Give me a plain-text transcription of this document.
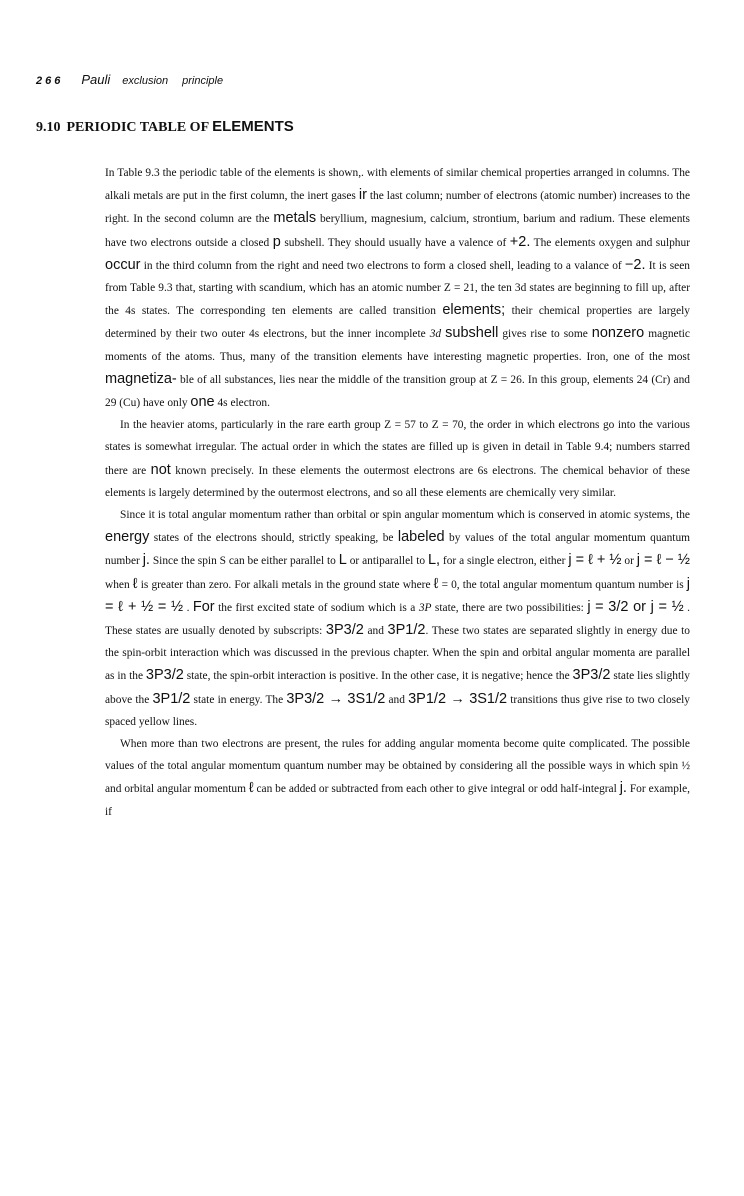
266 Pauli exclusion principle
9.10 PERIODIC TABLE OF ELEMENTS

In Table 9.3 the periodic table of the elements is shown,. with elements of similar chemical properties arranged in columns. The alkali metals are put in the first column, the inert gases ir the last column; number of electrons (atomic number) increases to the right. In the second column are the metals beryllium, magnesium, calcium, strontium, barium and radium. These elements have two electrons outside a closed p subshell. They should usually have a valence of +2. The elements oxygen and sulphur occur in the third column from the right and need two electrons to form a closed shell, leading to a valance of −2. It is seen from Table 9.3 that, starting with scandium, which has an atomic number Z = 21, the ten 3d states are beginning to fill up, after the 4s states. The corresponding ten elements are called transition elements; their chemical properties are largely determined by their two outer 4s electrons, but the inner incomplete 3d subshell gives rise to some nonzero magnetic moments of the atoms. Thus, many of the transition elements have interesting magnetic properties. Iron, one of the most magnetiza- ble of all substances, lies near the middle of the transition group at Z = 26. In this group, elements 24 (Cr) and 29 (Cu) have only one 4s electron.

In the heavier atoms, particularly in the rare earth group Z = 57 to Z = 70, the order in which electrons go into the various states is somewhat irregular. The actual order in which the states are filled up is given in detail in Table 9.4; numbers starred there are not known precisely. In these elements the outermost electrons are 6s electrons. The chemical behavior of these elements is largely determined by the outermost electrons, and so all these elements are chemically very similar.

Since it is total angular momentum rather than orbital or spin angular momentum which is conserved in atomic systems, the energy states of the electrons should, strictly speaking, be labeled by values of the total angular momentum quantum number j. Since the spin S can be either parallel to L or antiparallel to L, for a single electron, either j = ℓ + ½ or j = ℓ − ½ when ℓ is greater than zero. For alkali metals in the ground state where ℓ = 0, the total angular momentum quantum number is j = ℓ + ½ = ½ . For the first excited state of sodium which is a 3P state, there are two possibilities: j = 3/2 or j = ½ . These states are usually denoted by subscripts: 3P3/2 and 3P1/2. These two states are separated slightly in energy due to the spin-orbit interaction which was discussed in the previous chapter. When the spin and orbital angular momenta are parallel as in the 3P3/2 state, the spin-orbit interaction is positive. In the other case, it is negative; hence the 3P3/2 state lies slightly above the 3P1/2 state in energy. The 3P3/2 → 3S1/2 and 3P1/2 → 3S1/2 transitions thus give rise to two closely spaced yellow lines.

When more than two electrons are present, the rules for adding angular momenta become quite complicated. The possible values of the total angular momentum quantum number may be obtained by considering all the possible ways in which spin ½ and orbital angular momentum ℓ can be added or subtracted from each other to give integral or odd half-integral j. For example, if
